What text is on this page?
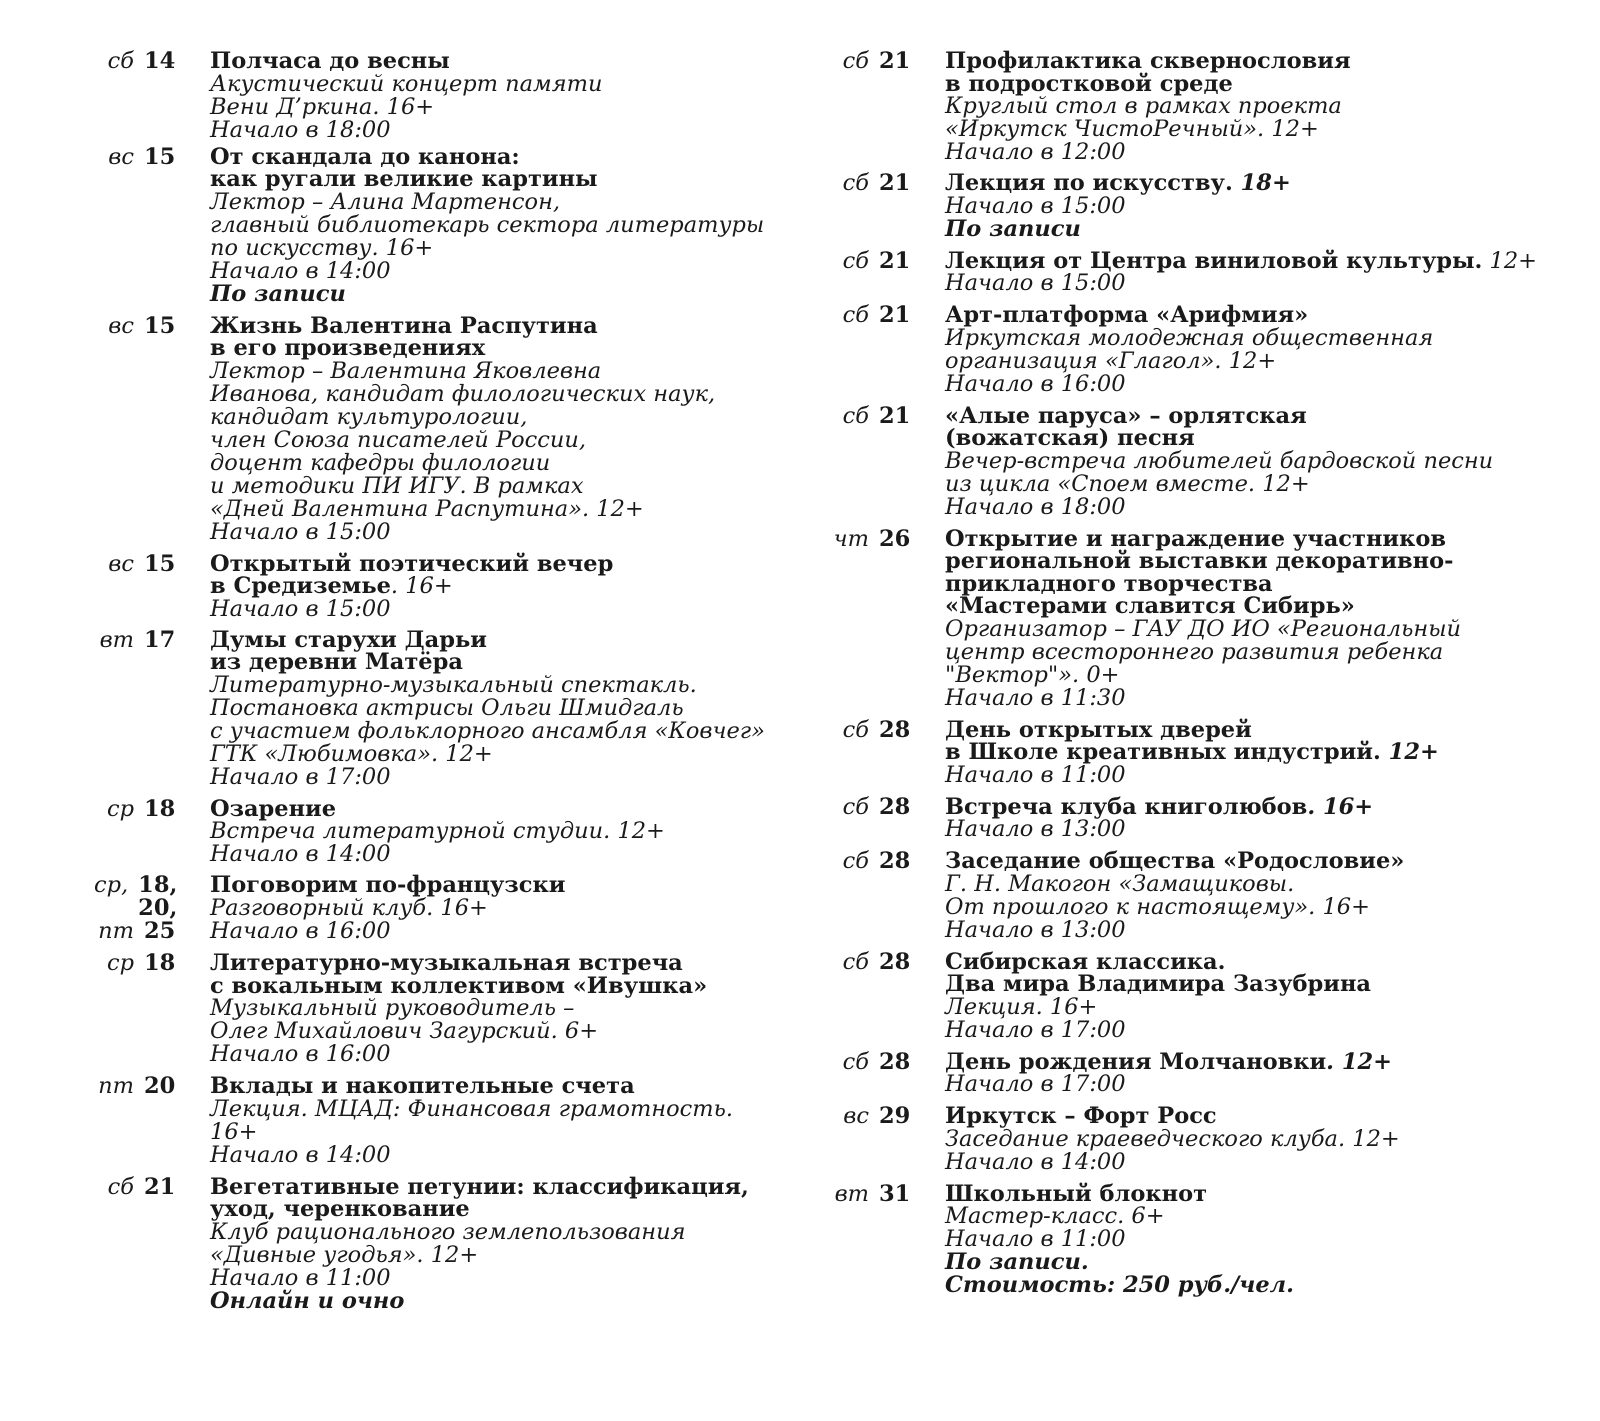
сб 14 Полчаса до весны
Акустический концерт памяти
Вени Д’ркина. 16+
Начало в 18:00
вс 15 От скандала до канона:
как ругали великие картины
Лектор – Алина Мартенсон,
главный библиотекарь сектора литературы
по искусству. 16+
Начало в 14:00
По записи
вс 15 Жизнь Валентина Распутина
в его произведениях
Лектор – Валентина Яковлевна
Иванова, кандидат филологических наук,
кандидат культурологии,
член Союза писателей России,
доцент кафедры филологии
и методики ПИ ИГУ. В рамках
«Дней Валентина Распутина». 12+
Начало в 15:00
вс 15 Открытый поэтический вечер
в Средиземье. 16+
Начало в 15:00
вт 17 Думы старухи Дарьи
из деревни Матёра
Литературно-музыкальный спектакль.
Постановка актрисы Ольги Шмидгаль
с участием фольклорного ансамбля «Ковчег»
ГТК «Любимовка». 12+
Начало в 17:00
ср 18 Озарение
Встреча литературной студии. 12+
Начало в 14:00
ср, 18, 20,
пт 25
Поговорим по-французски
Разговорный клуб. 16+
Начало в 16:00
ср 18 Литературно-музыкальная встреча
с вокальным коллективом «Ивушка»
Музыкальный руководитель –
Олег Михайлович Загурский. 6+
Начало в 16:00
пт 20 Вклады и накопительные счета
Лекция. МЦАД: Финансовая грамотность. 16+
Начало в 14:00
сб 21 Вегетативные петунии: классификация,
уход, черенкование
Клуб рационального землепользования
«Дивные угодья». 12+
Начало в 11:00
Онлайн и очно
сб 21 Профилактика сквернословия
в подростковой среде
Круглый стол в рамках проекта
«Иркутск ЧистоРечный». 12+
Начало в 12:00
сб 21 Лекция по искусству. 18+
Начало в 15:00
По записи
сб 21 Лекция от Центра виниловой культуры. 12+
Начало в 15:00
сб 21 Арт-платформа «Арифмия»
Иркутская молодежная общественная
организация «Глагол». 12+
Начало в 16:00
сб 21 «Алые паруса» – орлятская
(вожатская) песня
Вечер-встреча любителей бардовской песни
из цикла «Споем вместе. 12+
Начало в 18:00
чт 26 Открытие и награждение участников
региональной выставки декоративно-
прикладного творчества
«Мастерами славится Сибирь»
Организатор – ГАУ ДО ИО «Региональный
центр всестороннего развития ребенка
"Вектор"». 0+
Начало в 11:30
сб 28 День открытых дверей
в Школе креативных индустрий. 12+
Начало в 11:00
сб 28 Встреча клуба книголюбов. 16+
Начало в 13:00
сб 28 Заседание общества «Родословие»
Г. Н. Макогон «Замащиковы.
От прошлого к настоящему». 16+
Начало в 13:00
сб 28 Сибирская классика.
Два мира Владимира Зазубрина
Лекция. 16+
Начало в 17:00
сб 28 День рождения Молчановки. 12+
Начало в 17:00
вс 29 Иркутск – Форт Росс
Заседание краеведческого клуба. 12+
Начало в 14:00
вт 31 Школьный блокнот
Мастер-класс. 6+
Начало в 11:00
По записи.
Стоимость: 250 руб./чел.
